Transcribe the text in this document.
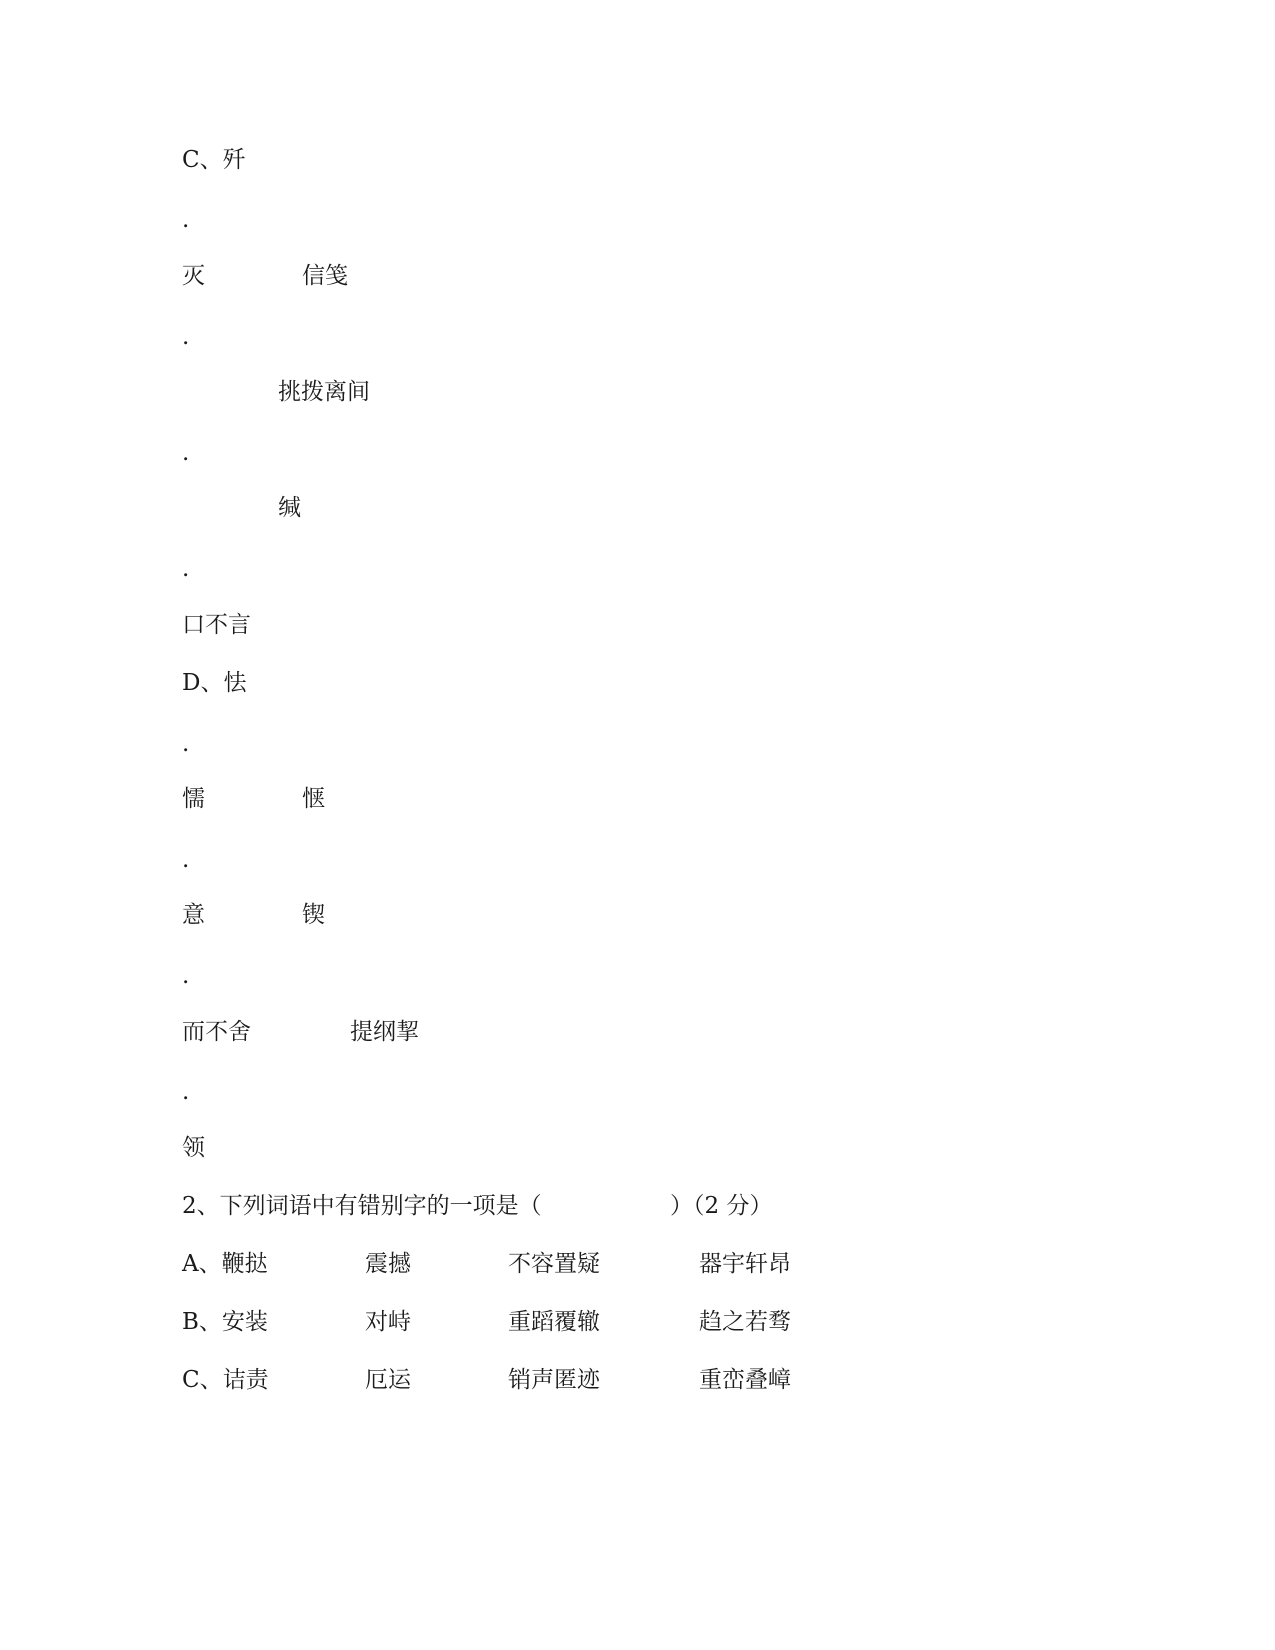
C、歼
.
灭	信笺
.
挑拨离间
.
缄
.
口不言
D、怯
.
懦	惬
.
意	锲
.
而不舍	提纲挈
.
领
2、下列词语中有错别字的一项是（	）（2 分）
A、鞭挞	震撼	不容置疑	器宇轩昂
B、安装	对峙	重蹈覆辙	趋之若骛
C、诘责	厄运	销声匿迹	重峦叠嶂
